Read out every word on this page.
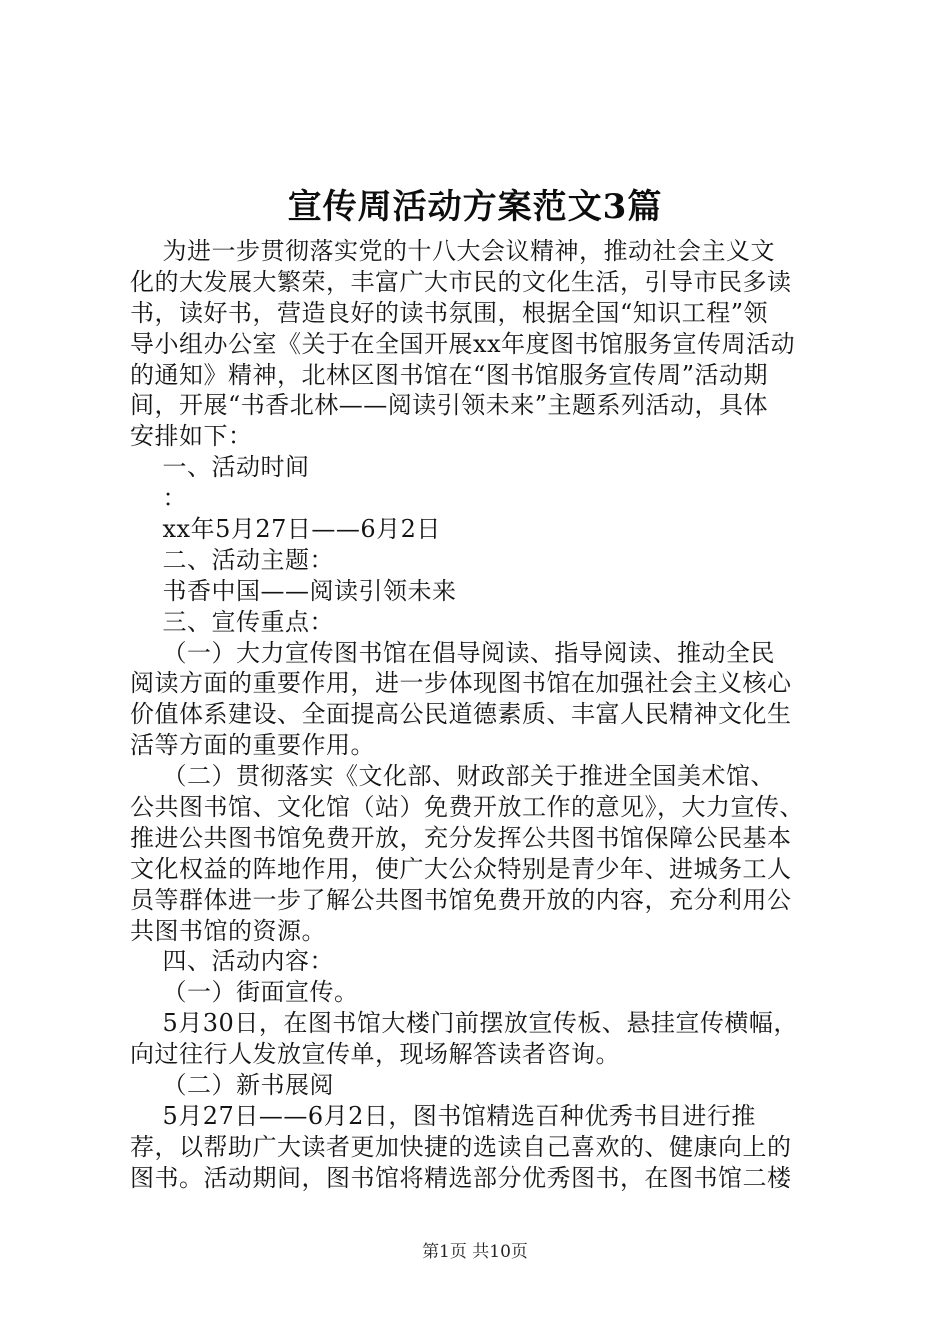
宣传周活动方案范文3篇
为进一步贯彻落实党的十八大会议精神，推动社会主义文
化的大发展大繁荣，丰富广大市民的文化生活，引导市民多读
书，读好书，营造良好的读书氛围，根据全国“知识工程”领
导小组办公室《关于在全国开展xx年度图书馆服务宣传周活动
的通知》精神，北林区图书馆在“图书馆服务宣传周”活动期
间，开展“书香北林——阅读引领未来”主题系列活动，具体
安排如下：
一、活动时间
：
xx年5月27日——6月2日
二、活动主题：
书香中国——阅读引领未来
三、宣传重点：
（一）大力宣传图书馆在倡导阅读、指导阅读、推动全民
阅读方面的重要作用，进一步体现图书馆在加强社会主义核心
价值体系建设、全面提高公民道德素质、丰富人民精神文化生
活等方面的重要作用。
（二）贯彻落实《文化部、财政部关于推进全国美术馆、
公共图书馆、文化馆（站）免费开放工作的意见》，大力宣传、
推进公共图书馆免费开放，充分发挥公共图书馆保障公民基本
文化权益的阵地作用，使广大公众特别是青少年、进城务工人
员等群体进一步了解公共图书馆免费开放的内容，充分利用公
共图书馆的资源。
四、活动内容：
（一）街面宣传。
5月30日，在图书馆大楼门前摆放宣传板、悬挂宣传横幅，
向过往行人发放宣传单，现场解答读者咨询。
（二）新书展阅
5月27日——6月2日，图书馆精选百种优秀书目进行推
荐，以帮助广大读者更加快捷的选读自己喜欢的、健康向上的
图书。活动期间，图书馆将精选部分优秀图书，在图书馆二楼
第1页 共10页
